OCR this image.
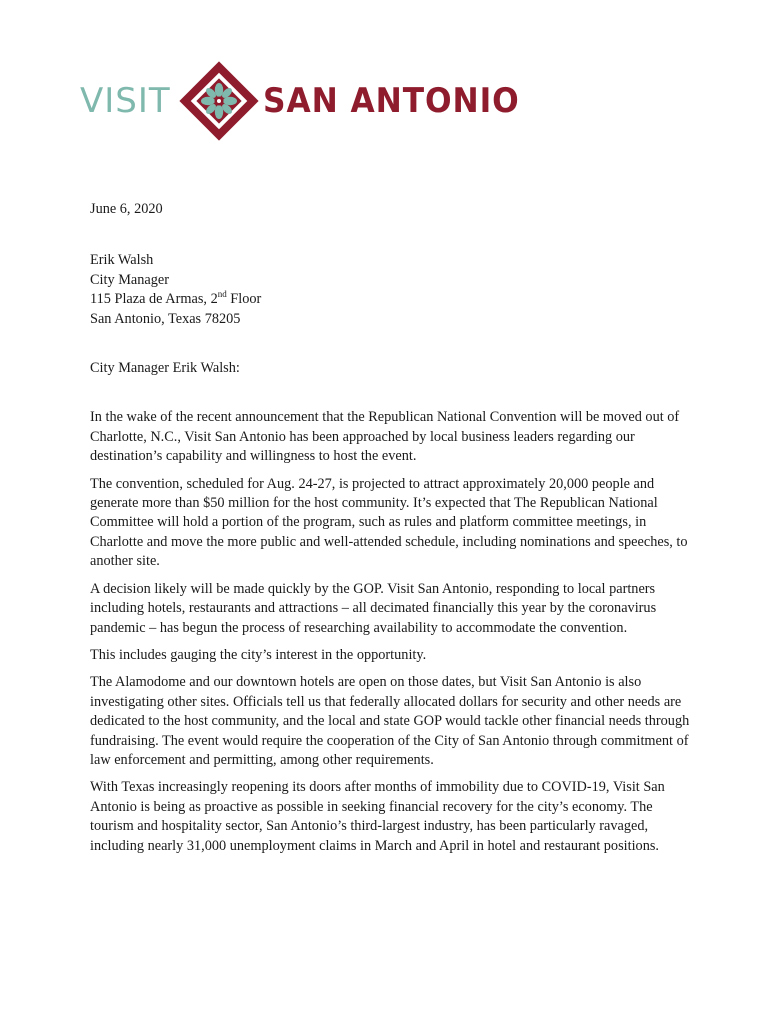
VISIT	SAN ANTONIO
June 6, 2020
Erik Walsh
City Manager
115 Plaza de Armas, 2nd Floor
San Antonio, Texas 78205
City Manager Erik Walsh:

In the wake of the recent announcement that the Republican National Convention will be moved out of Charlotte, N.C., Visit San Antonio has been approached by local business leaders regarding our destination’s capability and willingness to host the event.

The convention, scheduled for Aug. 24-27, is projected to attract approximately 20,000 people and generate more than $50 million for the host community. It’s expected that The Republican National Committee will hold a portion of the program, such as rules and platform committee meetings, in Charlotte and move the more public and well-attended schedule, including nominations and speeches, to another site.

A decision likely will be made quickly by the GOP. Visit San Antonio, responding to local partners including hotels, restaurants and attractions – all decimated financially this year by the coronavirus pandemic – has begun the process of researching availability to accommodate the convention.

This includes gauging the city’s interest in the opportunity.

The Alamodome and our downtown hotels are open on those dates, but Visit San Antonio is also investigating other sites. Officials tell us that federally allocated dollars for security and other needs are dedicated to the host community, and the local and state GOP would tackle other financial needs through fundraising. The event would require the cooperation of the City of San Antonio through commitment of law enforcement and permitting, among other requirements.

With Texas increasingly reopening its doors after months of immobility due to COVID-19, Visit San Antonio is being as proactive as possible in seeking financial recovery for the city’s economy. The tourism and hospitality sector, San Antonio’s third-largest industry, has been particularly ravaged, including nearly 31,000 unemployment claims in March and April in hotel and restaurant positions.
